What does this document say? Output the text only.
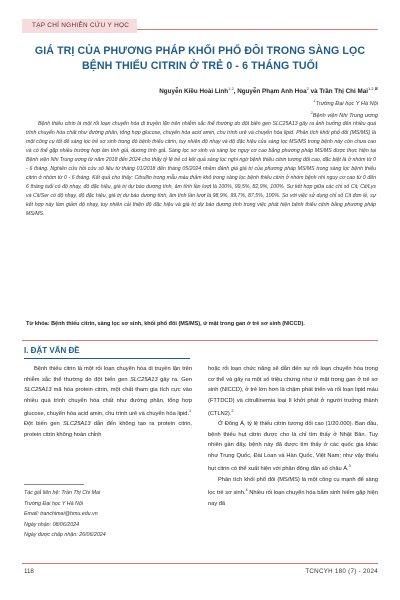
TẠP CHÍ NGHIÊN CỨU Y HỌC
GIÁ TRỊ CỦA PHƯƠNG PHÁP KHỐI PHỔ ĐÔI TRONG SÀNG LỌC BỆNH THIẾU CITRIN Ở TRẺ 0 - 6 THÁNG TUỔI
Nguyễn Kiều Hoài Linh$^{1,2}$, Nguyễn Phạm Anh Hoa$^2$ và Trần Thị Chi Mai$^{1,2,⊠}$
$^1$Trường Đại học Y Hà Nội
$^2$Bệnh viện Nhi Trung ương
Bệnh thiếu citrin là một rối loạn chuyển hóa di truyền lặn trên nhiễm sắc thể thường do đột biến gen SLC25A13 gây ra ảnh hưởng đến nhiều quá trình chuyển hóa chất như đường phân, tổng hợp glucose, chuyển hóa acid amin, chu trình urê và chuyển hóa lipid. Phân tích khối phổ đôi (MS/MS) là một công cụ tốt để sàng lọc trẻ sơ sinh trong đó bệnh thiếu citrin, tuy nhiên độ nhạy và độ đặc hiệu của sàng lọc MS/MS trong bệnh này còn chưa cao và có thể gặp nhiều trường hợp âm tính giả, dương tính giả. Sàng lọc sơ sinh và sàng lọc nguy cơ cao bằng phương pháp MS/MS được thực hiện tại Bệnh viện Nhi Trung ương từ năm 2018 đến 2024 cho thấy tỷ lệ trẻ có kết quả sàng lọc nghi ngờ bệnh thiếu citrin tương đối cao, đặc biệt là ở nhóm từ 0 - 6 tháng. Nghiên cứu hồi cứu số liệu từ tháng 01/2018 đến tháng 05/2024 nhằm đánh giá giá trị của phương pháp MS/MS trong sàng lọc bệnh thiếu citrin ở nhóm từ 0 - 6 tháng. Kết quả cho thấy: Citrullin trong mẫu máu thấm khô trong sàng lọc bệnh thiếu citrin ở nhóm bệnh nhi nguy cơ cao từ 0 đến 6 tháng tuổi có độ nhạy, độ đặc hiệu, giá trị dự báo dương tính, âm tính lần lượt là 100%, 99,5%, 82,9%, 100%. Sự kết hợp giữa các chỉ số Cit, Cit/Lys và Cit/Ser có độ nhạy, độ đặc hiệu, giá trị dự báo dương tính, âm tính lần lượt là 98,9%, 99,7%, 87,5%, 100%. So với việc sử dụng chỉ số Cit đơn lẻ, sự kết hợp này làm giảm độ nhạy, tuy nhiên cải thiện độ đặc hiệu và giá trị dự báo dương tính trong việc phát hiện bệnh thiếu citrin bằng phương pháp MS/MS.
Từ khóa: Bệnh thiếu citrin, sàng lọc sơ sinh, khối phổ đôi (MS/MS), ứ mật trong gan ở trẻ sơ sinh (NICCD).
I. ĐẶT VẤN ĐỀ

Bệnh thiếu citrin là một rối loạn chuyển hóa di truyền lặn trên nhiễm sắc thể thường do đột biến gen SLC25A13 gây ra. Gen SLC25A13 mã hóa protein citrin, một chất tham gia tích cực vào nhiều quá trình chuyển hóa chất như đường phân, tổng hợp glucose, chuyển hóa acid amin, chu trình urê và chuyển hóa lipid.$^1$

Đột biến gen SLC25A13 dẫn đến không tạo ra protein citrin, protein citrin không hoàn chỉnh

Tác giả liên hệ: Trần Thị Chi Mai
Trường Đại học Y Hà Nội
Email: tranchimai@hmu.edu.vn
Ngày nhận: 08/06/2024
Ngày được chấp nhận: 26/06/2024

hoặc rối loạn chức năng sẽ dẫn đến sự rối loạn chuyển hóa trong cơ thể và gây ra một số triệu chứng như ứ mật trong gan ở trẻ sơ sinh (NICCD), ở trẻ lớn hơn là chậm phát triển và rối loạn lipid máu (FTTDCD) và citrullinemia loại II khởi phát ở người trưởng thành (CTLN2).$^2$

Ở Đông Á, tỷ lệ thiếu citrin tương đối cao (1/20.000). Ban đầu, bệnh thiếu hụt citrin được cho là chỉ tìm thấy ở Nhật Bản. Tuy nhiên gần đây, bệnh này đã được tìm thấy ở các quốc gia khác như Trung Quốc, Đài Loan và Hàn Quốc, Việt Nam; như vậy thiếu hụt citrin có thể xuất hiện với phân đông dân số châu Á.$^3$

Phân tích khối phổ đôi (MS/MS) là một công cụ mạnh để sàng lọc trẻ sơ sinh.$^4$ Nhiều rối loạn chuyển hóa bẩm sinh hiếm gặp hiện nay đã

118	TCNCYH 180 (7) - 2024
